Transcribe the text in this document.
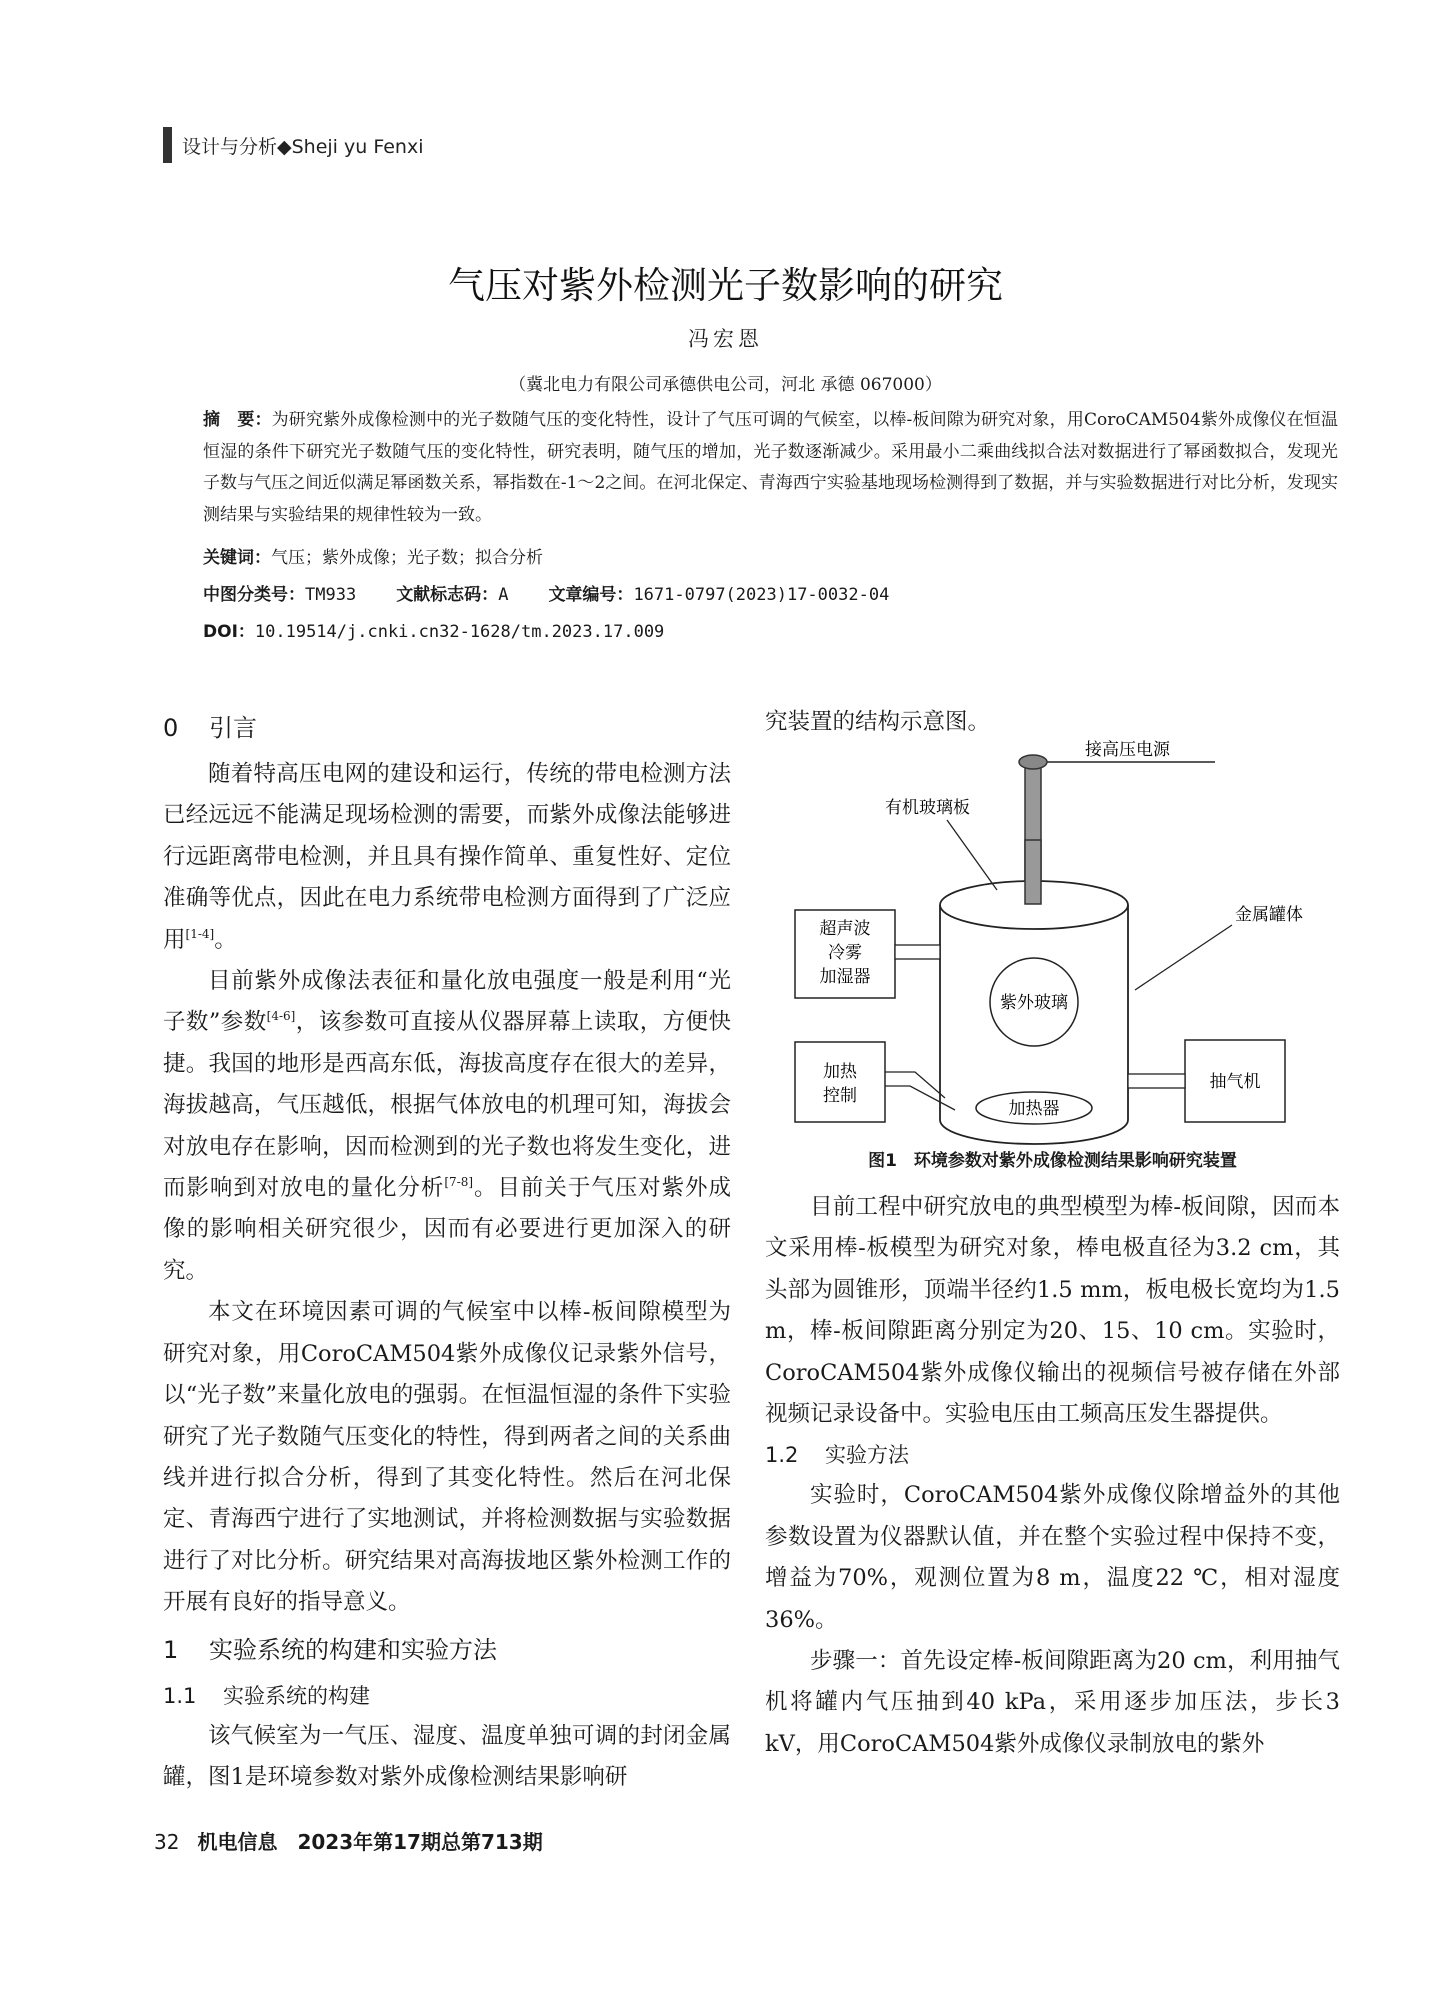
设计与分析◆Sheji yu Fenxi
气压对紫外检测光子数影响的研究
冯宏恩
（冀北电力有限公司承德供电公司，河北 承德 067000）
摘　要：为研究紫外成像检测中的光子数随气压的变化特性，设计了气压可调的气候室，以棒-板间隙为研究对象，用CoroCAM504紫外成像仪在恒温恒湿的条件下研究光子数随气压的变化特性，研究表明，随气压的增加，光子数逐渐减少。采用最小二乘曲线拟合法对数据进行了幂函数拟合，发现光子数与气压之间近似满足幂函数关系，幂指数在-1～2之间。在河北保定、青海西宁实验基地现场检测得到了数据，并与实验数据进行对比分析，发现实测结果与实验结果的规律性较为一致。
关键词：气压；紫外成像；光子数；拟合分析
中图分类号：TM933 文献标志码：A 文章编号：1671-0797(2023)17-0032-04
DOI：10.19514/j.cnki.cn32-1628/tm.2023.17.009
0 引言

随着特高压电网的建设和运行，传统的带电检测方法已经远远不能满足现场检测的需要，而紫外成像法能够进行远距离带电检测，并且具有操作简单、重复性好、定位准确等优点，因此在电力系统带电检测方面得到了广泛应用[1-4]。

目前紫外成像法表征和量化放电强度一般是利用“光子数”参数[4-6]，该参数可直接从仪器屏幕上读取，方便快捷。我国的地形是西高东低，海拔高度存在很大的差异，海拔越高，气压越低，根据气体放电的机理可知，海拔会对放电存在影响，因而检测到的光子数也将发生变化，进而影响到对放电的量化分析[7-8]。目前关于气压对紫外成像的影响相关研究很少，因而有必要进行更加深入的研究。

本文在环境因素可调的气候室中以棒-板间隙模型为研究对象，用CoroCAM504紫外成像仪记录紫外信号，以“光子数”来量化放电的强弱。在恒温恒湿的条件下实验研究了光子数随气压变化的特性，得到两者之间的关系曲线并进行拟合分析，得到了其变化特性。然后在河北保定、青海西宁进行了实地测试，并将检测数据与实验数据进行了对比分析。研究结果对高海拔地区紫外检测工作的开展有良好的指导意义。

1 实验系统的构建和实验方法
1.1 实验系统的构建

该气候室为一气压、湿度、温度单独可调的封闭金属罐，图1是环境参数对紫外成像检测结果影响研

究装置的结构示意图。

接高压电源
有机玻璃板
金属罐体
超声波
冷雾
加湿器
紫外玻璃
加热
控制
加热器
抽气机
图1　环境参数对紫外成像检测结果影响研究装置

目前工程中研究放电的典型模型为棒-板间隙，因而本文采用棒-板模型为研究对象，棒电极直径为3.2 cm，其头部为圆锥形，顶端半径约1.5 mm，板电极长宽均为1.5 m，棒-板间隙距离分别定为20、15、10 cm。实验时，CoroCAM504紫外成像仪输出的视频信号被存储在外部视频记录设备中。实验电压由工频高压发生器提供。

1.2 实验方法

实验时，CoroCAM504紫外成像仪除增益外的其他参数设置为仪器默认值，并在整个实验过程中保持不变，增益为70%，观测位置为8 m，温度22 ℃，相对湿度36%。

步骤一：首先设定棒-板间隙距离为20 cm，利用抽气机将罐内气压抽到40 kPa，采用逐步加压法，步长3 kV，用CoroCAM504紫外成像仪录制放电的紫外

32 机电信息　2023年第17期总第713期
